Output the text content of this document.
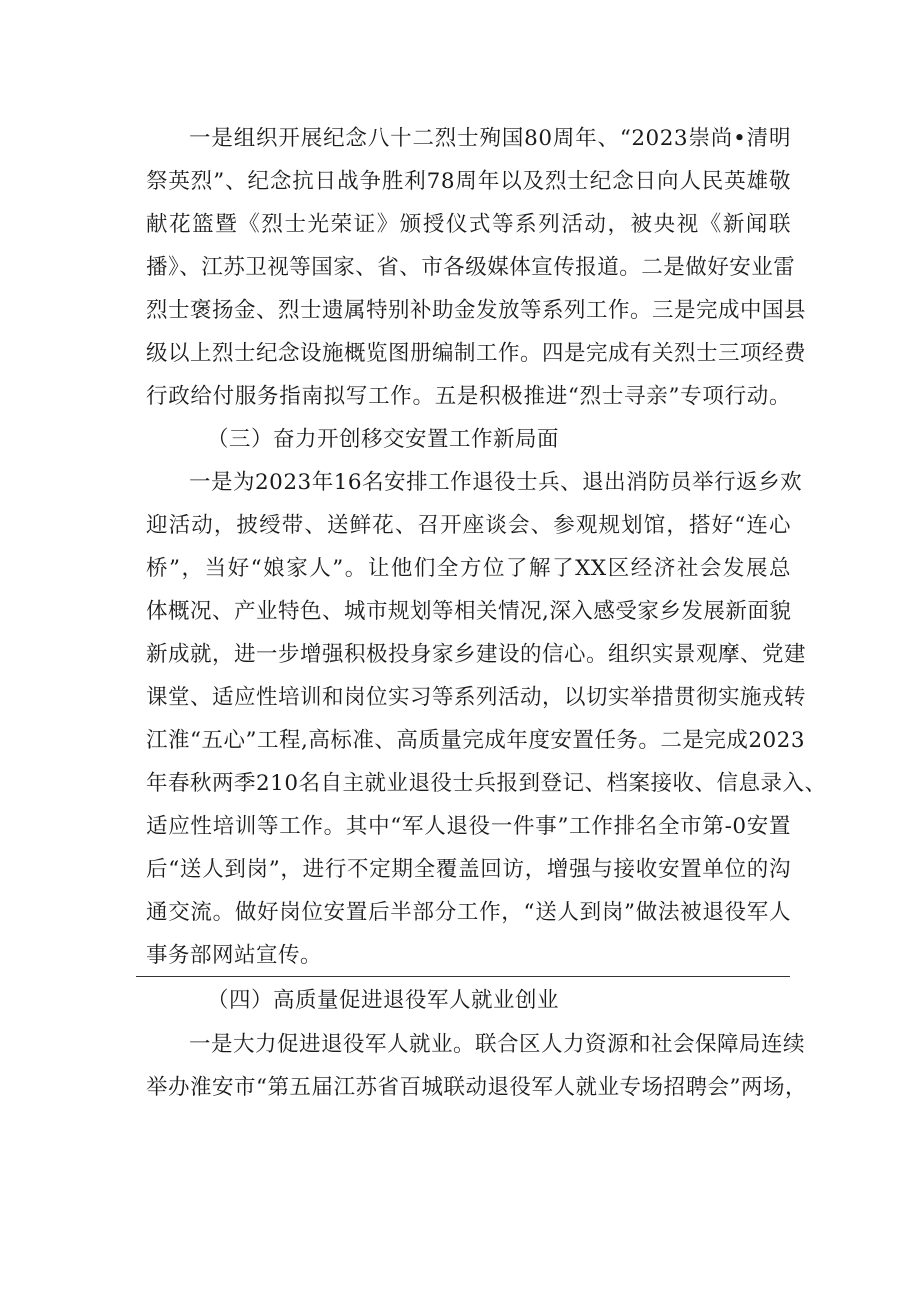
一是组织开展纪念八十二烈士殉国80周年、“2023崇尚•清明
祭英烈”、纪念抗日战争胜利78周年以及烈士纪念日向人民英雄敬
献花篮暨《烈士光荣证》颁授仪式等系列活动，被央视《新闻联
播》、江苏卫视等国家、省、市各级媒体宣传报道。二是做好安业雷
烈士褒扬金、烈士遗属特别补助金发放等系列工作。三是完成中国县
级以上烈士纪念设施概览图册编制工作。四是完成有关烈士三项经费
行政给付服务指南拟写工作。五是积极推进“烈士寻亲”专项行动。
（三）奋力开创移交安置工作新局面
一是为2023年16名安排工作退役士兵、退出消防员举行返乡欢
迎活动，披绶带、送鲜花、召开座谈会、参观规划馆，搭好“连心
桥”，当好“娘家人”。让他们全方位了解了XX区经济社会发展总
体概况、产业特色、城市规划等相关情况,深入感受家乡发展新面貌
新成就，进一步增强积极投身家乡建设的信心。组织实景观摩、党建
课堂、适应性培训和岗位实习等系列活动，以切实举措贯彻实施戎转
江淮“五心”工程,高标准、高质量完成年度安置任务。二是完成2023
年春秋两季210名自主就业退役士兵报到登记、档案接收、信息录入、
适应性培训等工作。其中“军人退役一件事”工作排名全市第-0安置
后“送人到岗”，进行不定期全覆盖回访，增强与接收安置单位的沟
通交流。做好岗位安置后半部分工作，“送人到岗”做法被退役军人
事务部网站宣传。
（四）高质量促进退役军人就业创业
一是大力促进退役军人就业。联合区人力资源和社会保障局连续
举办淮安市“第五届江苏省百城联动退役军人就业专场招聘会”两场，
